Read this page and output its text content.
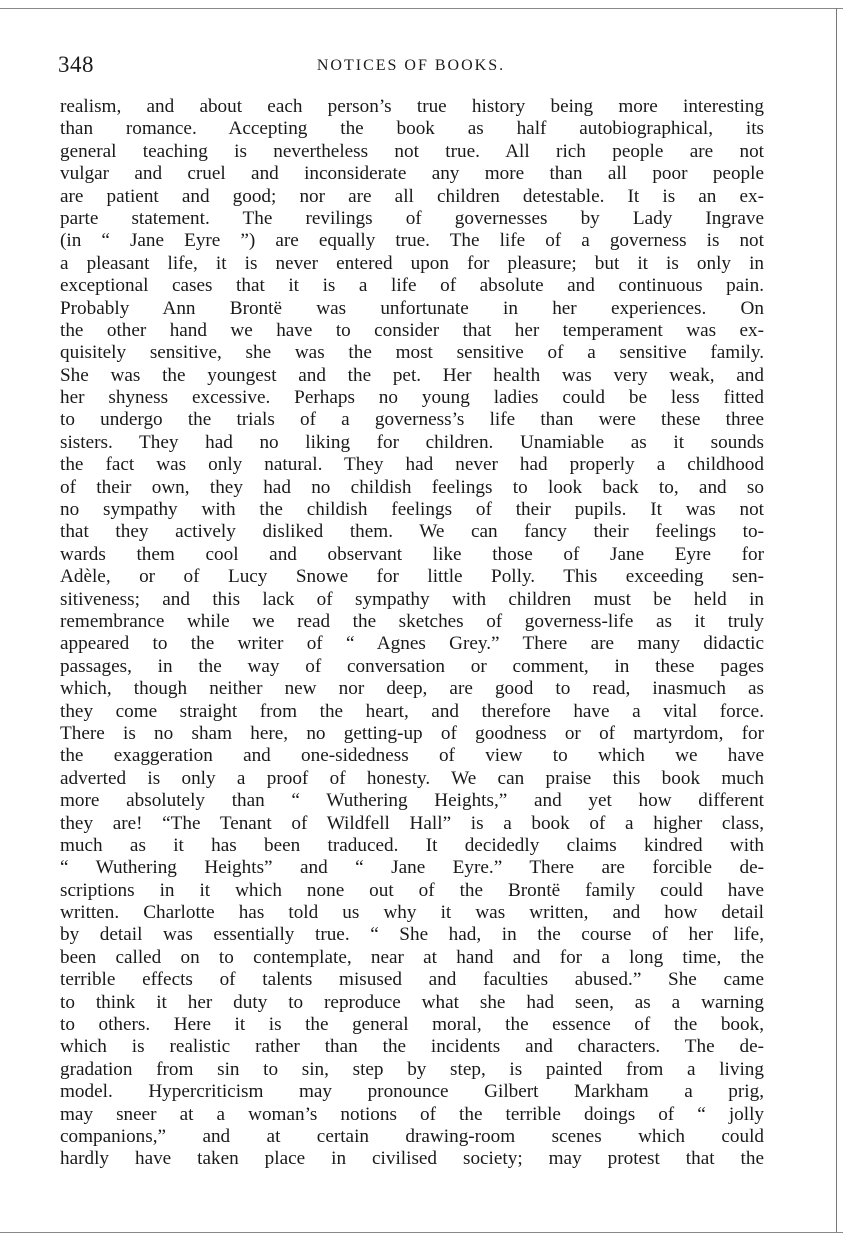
348	NOTICES OF BOOKS.
realism, and about each person’s true history being more interesting
than romance. Accepting the book as half autobiographical, its
general teaching is nevertheless not true. All rich people are not
vulgar and cruel and inconsiderate any more than all poor people
are patient and good; nor are all children detestable. It is an ex-
parte statement. The revilings of governesses by Lady Ingrave
(in “ Jane Eyre ”) are equally true. The life of a governess is not
a pleasant life, it is never entered upon for pleasure; but it is only in
exceptional cases that it is a life of absolute and continuous pain.
Probably Ann Brontë was unfortunate in her experiences. On
the other hand we have to consider that her temperament was ex-
quisitely sensitive, she was the most sensitive of a sensitive family.
She was the youngest and the pet. Her health was very weak, and
her shyness excessive. Perhaps no young ladies could be less fitted
to undergo the trials of a governess’s life than were these three
sisters. They had no liking for children. Unamiable as it sounds
the fact was only natural. They had never had properly a childhood
of their own, they had no childish feelings to look back to, and so
no sympathy with the childish feelings of their pupils. It was not
that they actively disliked them. We can fancy their feelings to-
wards them cool and observant like those of Jane Eyre for
Adèle, or of Lucy Snowe for little Polly. This exceeding sen-
sitiveness; and this lack of sympathy with children must be held in
remembrance while we read the sketches of governess-life as it truly
appeared to the writer of “ Agnes Grey.” There are many didactic
passages, in the way of conversation or comment, in these pages
which, though neither new nor deep, are good to read, inasmuch as
they come straight from the heart, and therefore have a vital force.
There is no sham here, no getting-up of goodness or of martyrdom, for
the exaggeration and one-sidedness of view to which we have
adverted is only a proof of honesty. We can praise this book much
more absolutely than “ Wuthering Heights,” and yet how different
they are! “The Tenant of Wildfell Hall” is a book of a higher class,
much as it has been traduced. It decidedly claims kindred with
“ Wuthering Heights” and “ Jane Eyre.” There are forcible de-
scriptions in it which none out of the Brontë family could have
written. Charlotte has told us why it was written, and how detail
by detail was essentially true. “ She had, in the course of her life,
been called on to contemplate, near at hand and for a long time, the
terrible effects of talents misused and faculties abused.” She came
to think it her duty to reproduce what she had seen, as a warning
to others. Here it is the general moral, the essence of the book,
which is realistic rather than the incidents and characters. The de-
gradation from sin to sin, step by step, is painted from a living
model. Hypercriticism may pronounce Gilbert Markham a prig,
may sneer at a woman’s notions of the terrible doings of “ jolly
companions,” and at certain drawing-room scenes which could
hardly have taken place in civilised society; may protest that the
